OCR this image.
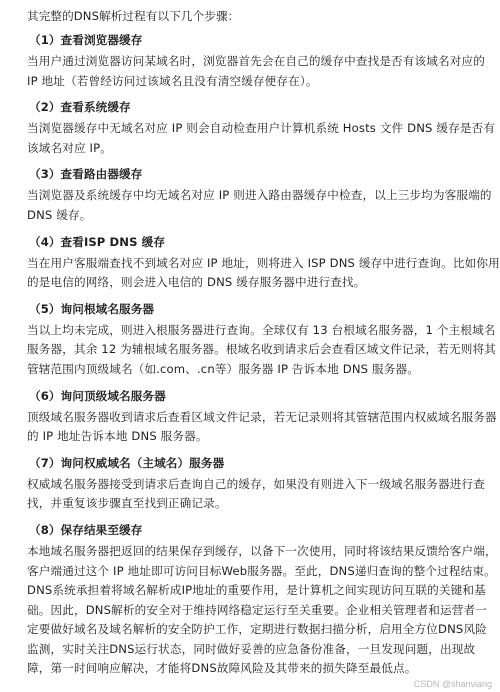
其完整的DNS解析过程有以下几个步骤：
（1）查看浏览器缓存
当用户通过浏览器访问某域名时，浏览器首先会在自己的缓存中查找是否有该域名对应的
IP 地址（若曾经访问过该域名且没有清空缓存便存在）。
（2）查看系统缓存
当浏览器缓存中无域名对应 IP 则会自动检查用户计算机系统 Hosts 文件 DNS 缓存是否有
该域名对应 IP。
（3）查看路由器缓存
当浏览器及系统缓存中均无域名对应 IP 则进入路由器缓存中检查，以上三步均为客服端的
DNS 缓存。
（4）查看ISP DNS 缓存
当在用户客服端查找不到域名对应 IP 地址，则将进入 ISP DNS 缓存中进行查询。比如你用
的是电信的网络，则会进入电信的 DNS 缓存服务器中进行查找。
（5）询问根域名服务器
当以上均未完成，则进入根服务器进行查询。全球仅有 13 台根域名服务器，1 个主根域名
服务器，其余 12 为辅根域名服务器。根域名收到请求后会查看区域文件记录，若无则将其
管辖范围内顶级域名（如.com、.cn等）服务器 IP 告诉本地 DNS 服务器。
（6）询问顶级域名服务器
顶级域名服务器收到请求后查看区域文件记录，若无记录则将其管辖范围内权威域名服务器
的 IP 地址告诉本地 DNS 服务器。
（7）询问权威域名（主域名）服务器
权威域名服务器接受到请求后查询自己的缓存，如果没有则进入下一级域名服务器进行查
找，并重复该步骤直至找到正确记录。
（8）保存结果至缓存
本地域名服务器把返回的结果保存到缓存，以备下一次使用，同时将该结果反馈给客户端，
客户端通过这个 IP 地址即可访问目标Web服务器。至此，DNS递归查询的整个过程结束。
DNS系统承担着将域名解析成IP地址的重要作用，是计算机之间实现访问互联的关键和基
础。因此，DNS解析的安全对于维持网络稳定运行至关重要。企业相关管理者和运营者一
定要做好域名及域名解析的安全防护工作，定期进行数据扫描分析，启用全方位DNS风险
监测，实时关注DNS运行状态，同时做好妥善的应急备份准备，一旦发现问题，出现故
障，第一时间响应解决，才能将DNS故障风险及其带来的损失降至最低点。
CSDN @shanviang
